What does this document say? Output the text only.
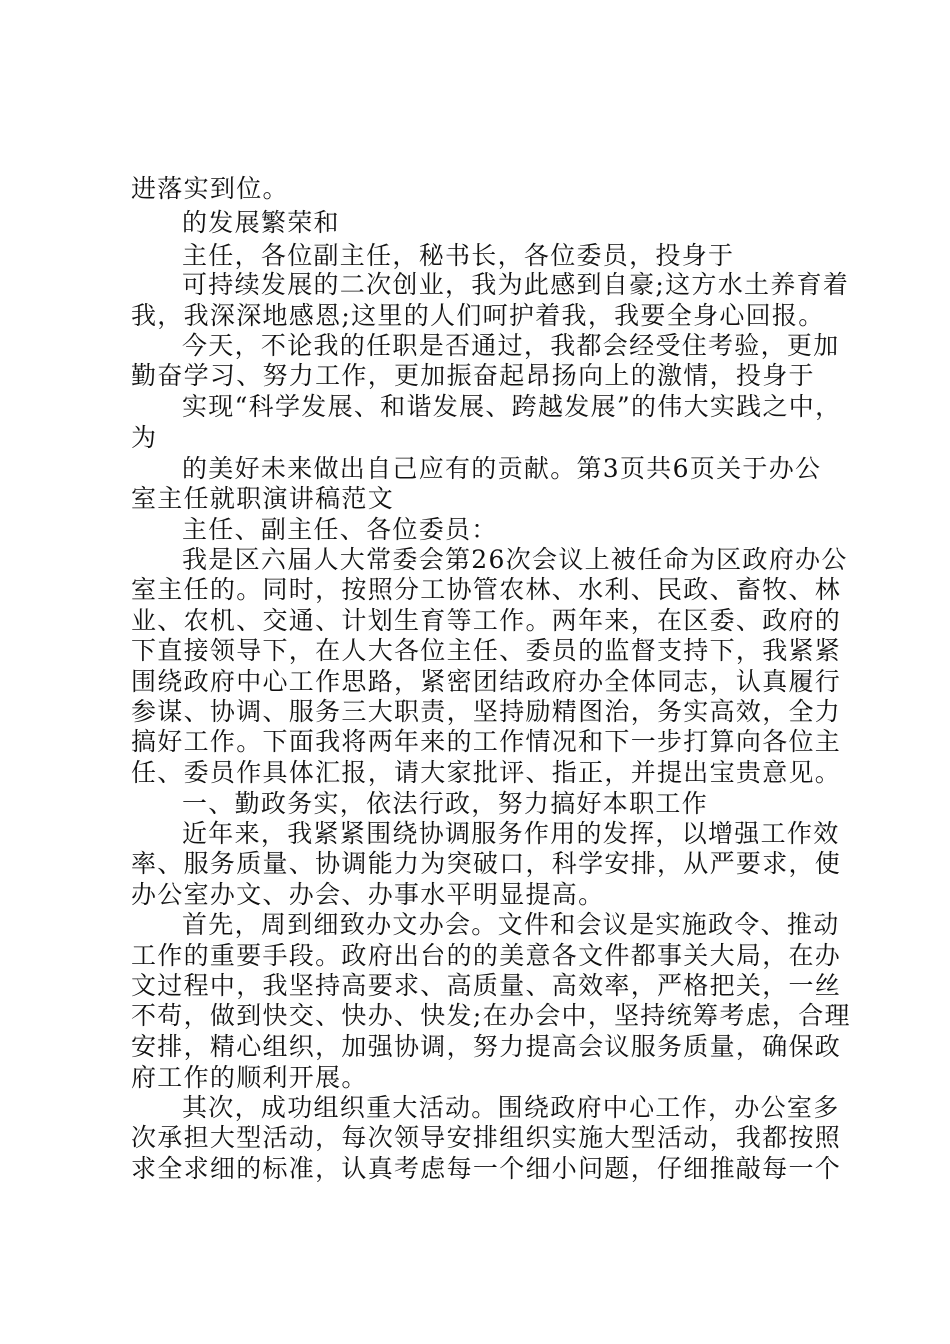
进落实到位。
的发展繁荣和
主任，各位副主任，秘书长，各位委员，投身于
可持续发展的二次创业，我为此感到自豪;这方水土养育着
我，我深深地感恩;这里的人们呵护着我，我要全身心回报。
今天，不论我的任职是否通过，我都会经受住考验，更加
勤奋学习、努力工作，更加振奋起昂扬向上的激情，投身于
实现“科学发展、和谐发展、跨越发展”的伟大实践之中，
为
的美好未来做出自己应有的贡献。第3页共6页关于办公
室主任就职演讲稿范文
主任、副主任、各位委员：
我是区六届人大常委会第26次会议上被任命为区政府办公
室主任的。同时，按照分工协管农林、水利、民政、畜牧、林
业、农机、交通、计划生育等工作。两年来，在区委、政府的
下直接领导下，在人大各位主任、委员的监督支持下，我紧紧
围绕政府中心工作思路，紧密团结政府办全体同志，认真履行
参谋、协调、服务三大职责，坚持励精图治，务实高效，全力
搞好工作。下面我将两年来的工作情况和下一步打算向各位主
任、委员作具体汇报，请大家批评、指正，并提出宝贵意见。
一、勤政务实，依法行政，努力搞好本职工作
近年来，我紧紧围绕协调服务作用的发挥，以增强工作效
率、服务质量、协调能力为突破口，科学安排，从严要求，使
办公室办文、办会、办事水平明显提高。
首先，周到细致办文办会。文件和会议是实施政令、推动
工作的重要手段。政府出台的的美意各文件都事关大局，在办
文过程中，我坚持高要求、高质量、高效率，严格把关，一丝
不苟，做到快交、快办、快发;在办会中，坚持统筹考虑，合理
安排，精心组织，加强协调，努力提高会议服务质量，确保政
府工作的顺利开展。
其次，成功组织重大活动。围绕政府中心工作，办公室多
次承担大型活动，每次领导安排组织实施大型活动，我都按照
求全求细的标准，认真考虑每一个细小问题，仔细推敲每一个
